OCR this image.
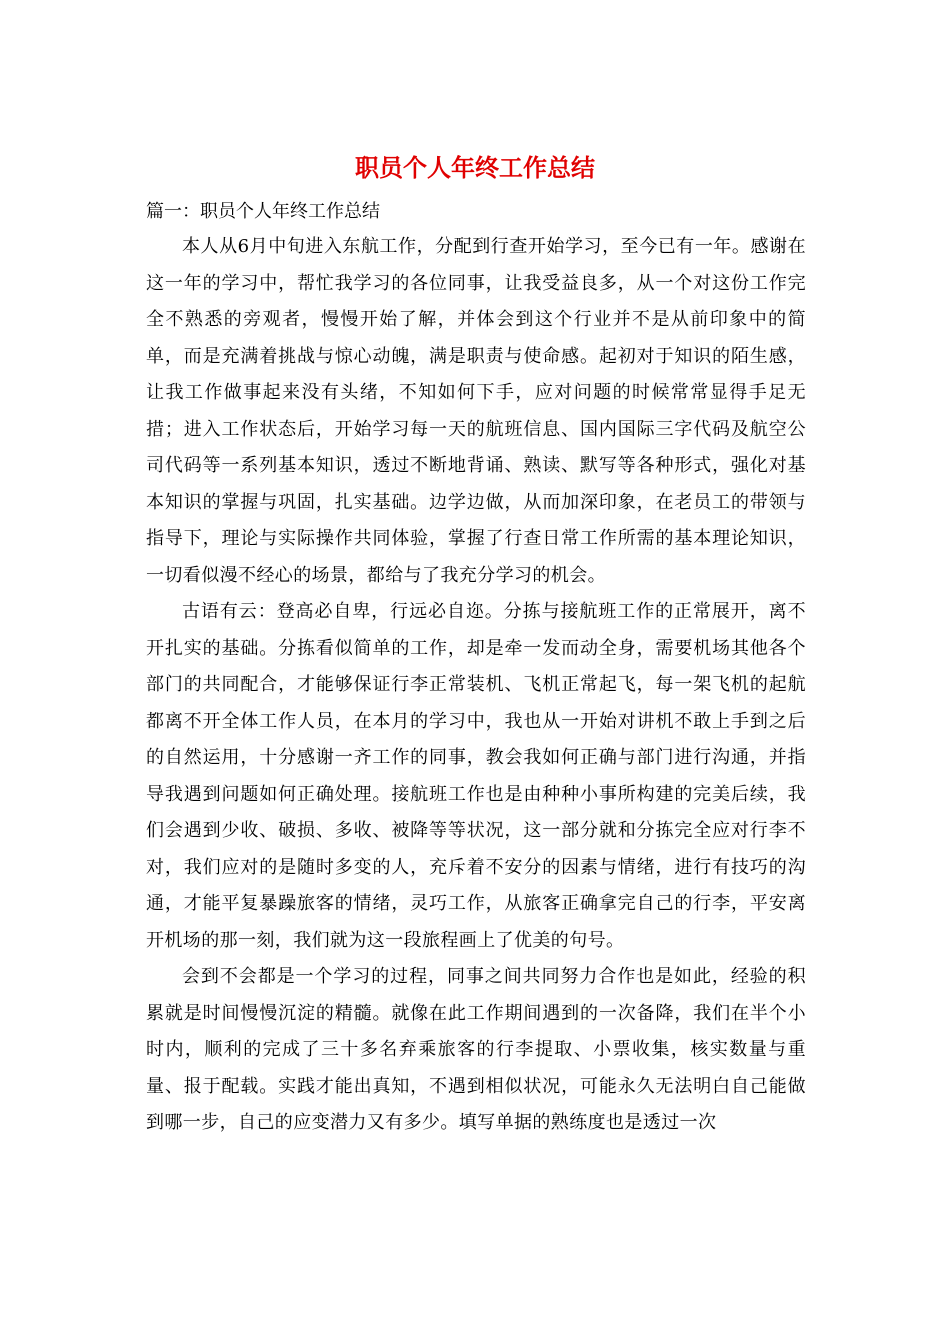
职员个人年终工作总结

篇一：职员个人年终工作总结

本人从6月中旬进入东航工作，分配到行查开始学习，至今已有一年。感谢在这一年的学习中，帮忙我学习的各位同事，让我受益良多，从一个对这份工作完全不熟悉的旁观者，慢慢开始了解，并体会到这个行业并不是从前印象中的简单，而是充满着挑战与惊心动魄，满是职责与使命感。起初对于知识的陌生感，让我工作做事起来没有头绪，不知如何下手，应对问题的时候常常显得手足无措；进入工作状态后，开始学习每一天的航班信息、国内国际三字代码及航空公司代码等一系列基本知识，透过不断地背诵、熟读、默写等各种形式，强化对基本知识的掌握与巩固，扎实基础。边学边做，从而加深印象，在老员工的带领与指导下，理论与实际操作共同体验，掌握了行查日常工作所需的基本理论知识，一切看似漫不经心的场景，都给与了我充分学习的机会。

古语有云：登高必自卑，行远必自迩。分拣与接航班工作的正常展开，离不开扎实的基础。分拣看似简单的工作，却是牵一发而动全身，需要机场其他各个部门的共同配合，才能够保证行李正常装机、飞机正常起飞，每一架飞机的起航都离不开全体工作人员，在本月的学习中，我也从一开始对讲机不敢上手到之后的自然运用，十分感谢一齐工作的同事，教会我如何正确与部门进行沟通，并指导我遇到问题如何正确处理。接航班工作也是由种种小事所构建的完美后续，我们会遇到少收、破损、多收、被降等等状况，这一部分就和分拣完全应对行李不对，我们应对的是随时多变的人，充斥着不安分的因素与情绪，进行有技巧的沟通，才能平复暴躁旅客的情绪，灵巧工作，从旅客正确拿完自己的行李，平安离开机场的那一刻，我们就为这一段旅程画上了优美的句号。

会到不会都是一个学习的过程，同事之间共同努力合作也是如此，经验的积累就是时间慢慢沉淀的精髓。就像在此工作期间遇到的一次备降，我们在半个小时内，顺利的完成了三十多名弃乘旅客的行李提取、小票收集，核实数量与重量、报于配载。实践才能出真知，不遇到相似状况，可能永久无法明白自己能做到哪一步，自己的应变潜力又有多少。填写单据的熟练度也是透过一次
